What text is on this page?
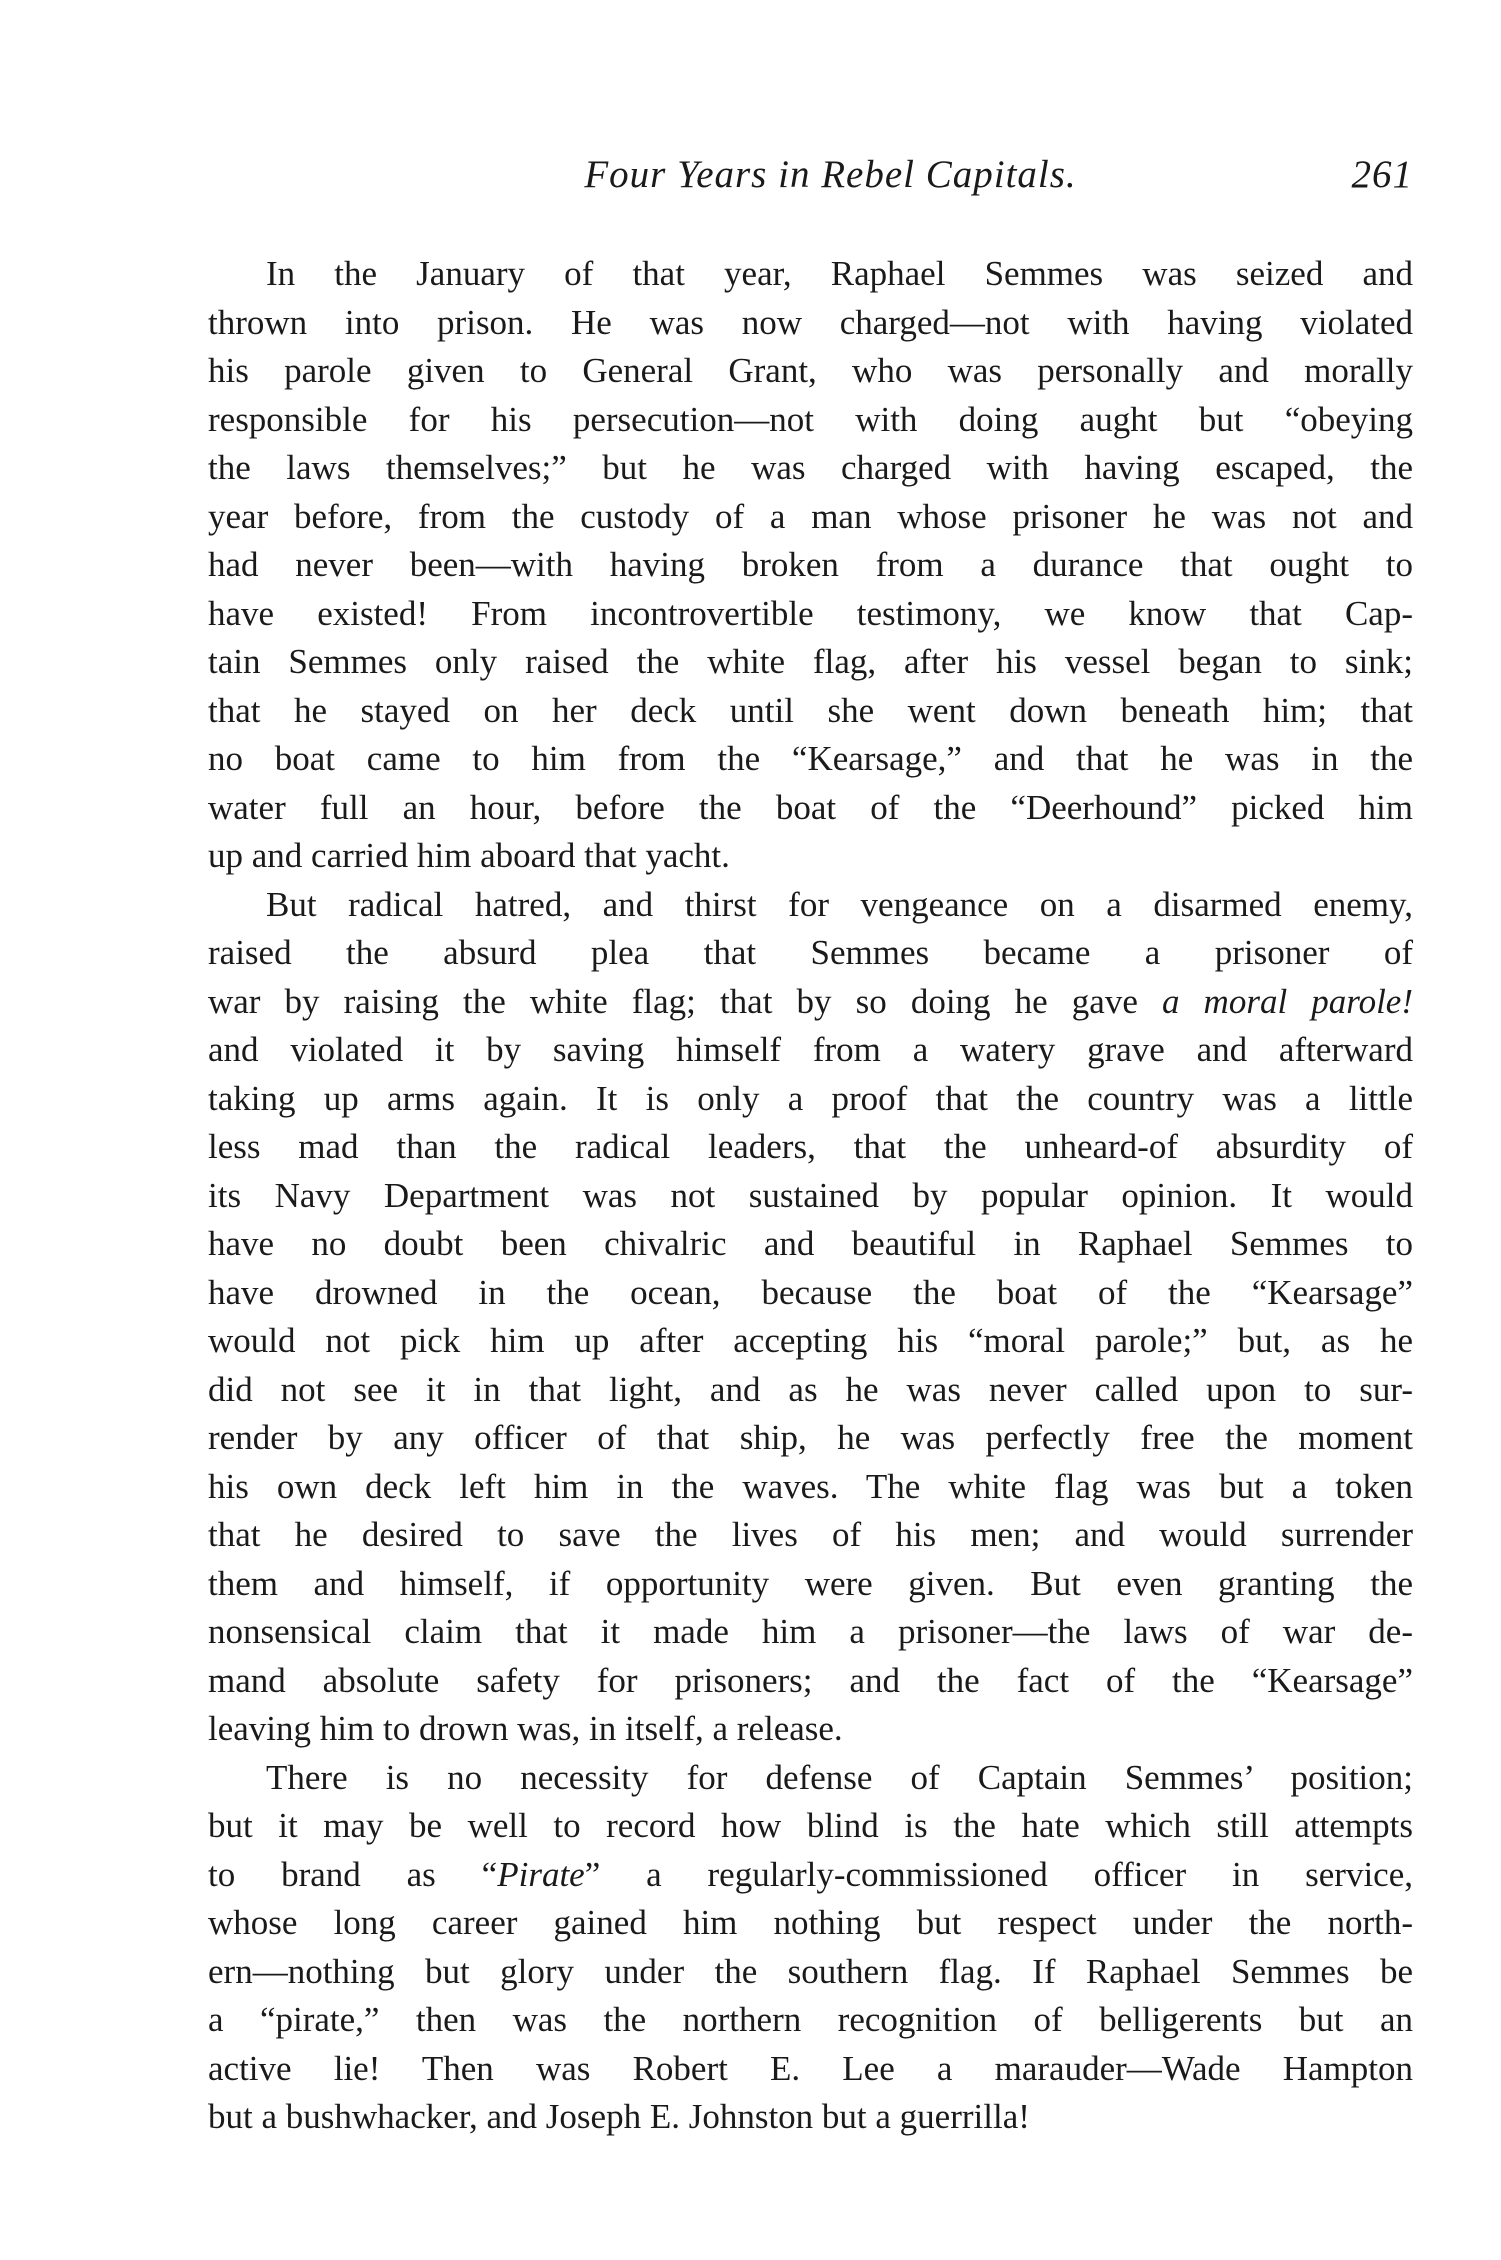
Four Years in Rebel Capitals.	261
In the January of that year, Raphael Semmes was seized and
thrown into prison. He was now charged—not with having violated
his parole given to General Grant, who was personally and morally
responsible for his persecution—not with doing aught but “obeying
the laws themselves;” but he was charged with having escaped, the
year before, from the custody of a man whose prisoner he was not and
had never been—with having broken from a durance that ought to
have existed! From incontrovertible testimony, we know that Cap-
tain Semmes only raised the white flag, after his vessel began to sink;
that he stayed on her deck until she went down beneath him; that
no boat came to him from the “Kearsage,” and that he was in the
water full an hour, before the boat of the “Deerhound” picked him
up and carried him aboard that yacht.
But radical hatred, and thirst for vengeance on a disarmed enemy,
raised the absurd plea that Semmes became a prisoner of
war by raising the white flag; that by so doing he gave a moral parole!
and violated it by saving himself from a watery grave and afterward
taking up arms again. It is only a proof that the country was a little
less mad than the radical leaders, that the unheard-of absurdity of
its Navy Department was not sustained by popular opinion. It would
have no doubt been chivalric and beautiful in Raphael Semmes to
have drowned in the ocean, because the boat of the “Kearsage”
would not pick him up after accepting his “moral parole;” but, as he
did not see it in that light, and as he was never called upon to sur-
render by any officer of that ship, he was perfectly free the moment
his own deck left him in the waves. The white flag was but a token
that he desired to save the lives of his men; and would surrender
them and himself, if opportunity were given. But even granting the
nonsensical claim that it made him a prisoner—the laws of war de-
mand absolute safety for prisoners; and the fact of the “Kearsage”
leaving him to drown was, in itself, a release.
There is no necessity for defense of Captain Semmes’ position;
but it may be well to record how blind is the hate which still attempts
to brand as “Pirate” a regularly-commissioned officer in service,
whose long career gained him nothing but respect under the north-
ern—nothing but glory under the southern flag. If Raphael Semmes be
a “pirate,” then was the northern recognition of belligerents but an
active lie! Then was Robert E. Lee a marauder—Wade Hampton
but a bushwhacker, and Joseph E. Johnston but a guerrilla!
